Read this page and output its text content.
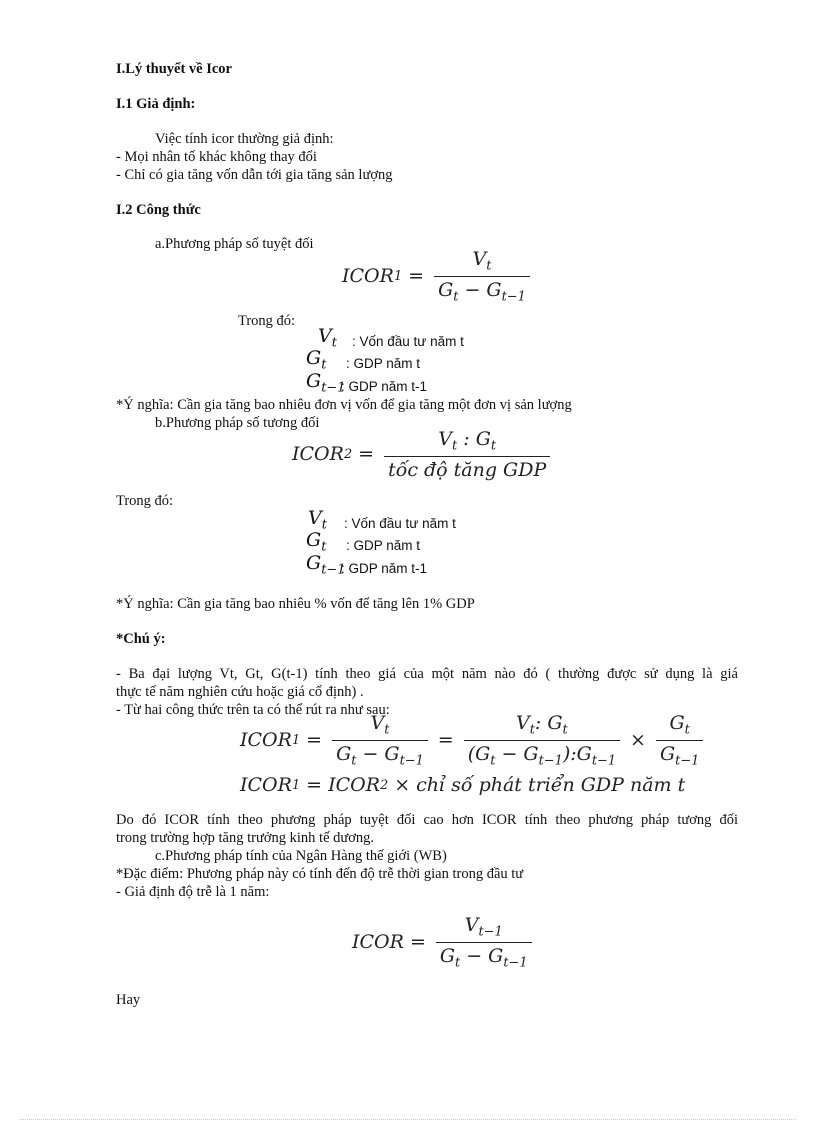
I.Lý thuyết về Icor
I.1 Giả định:
Việc tính icor thường giả định:
- Mọi nhân tố khác không thay đổi
- Chỉ có gia tăng vốn dẫn tới gia tăng sản lượng
I.2 Công thức
a.Phương pháp số tuyệt đối
ICOR $1 = \frac{V_t}{G_t - G_{t-1}}$
Trong đó:
$V_t$ : Vốn đầu tư năm t
$G_t$ : GDP năm t
$G_{t-1}$
: GDP năm t-1
*Ý nghĩa: Cần gia tăng bao nhiêu đơn vị vốn để gia tăng một đơn vị sản lượng
b.Phương pháp số tương đối
ICOR $2 = \frac{V_t : G_t}{\text{tốc độ tăng GDP}}$
Trong đó:
$V_t$ : Vốn đầu tư năm t
$G_t$ : GDP năm t
$G_{t-1}$
: GDP năm t-1
*Ý nghĩa: Cần gia tăng bao nhiêu % vốn để tăng lên 1% GDP
*Chú ý:
- Ba đại lượng Vt, Gt, G(t-1) tính theo giá của một năm nào đó ( thường được sử dụng là giá
thực tế năm nghiên cứu hoặc giá cố định) .
- Từ hai công thức trên ta có thể rút ra như sau:
ICOR $1 = \frac{V_t}{G_t - G_{t-1}} = \frac{V_t: G_t}{(G_t - G_{t-1}):G_{t-1}} \times \frac{G_t}{G_{t-1}}$
ICOR 1 = ICOR 2 × chỉ số phát triển GDP năm t
Do đó ICOR tính theo phương pháp tuyệt đối cao hơn ICOR tính theo phương pháp tương đối
trong trường hợp tăng trưởng kinh tế dương.
c.Phương pháp tính của Ngân Hàng thế giới (WB)
*Đặc điểm: Phương pháp này có tính đến độ trễ thời gian trong đầu tư
- Giả định độ trễ là 1 năm:
ICOR = $\frac{V_{t-1}}{G_t - G_{t-1}}$
Hay
